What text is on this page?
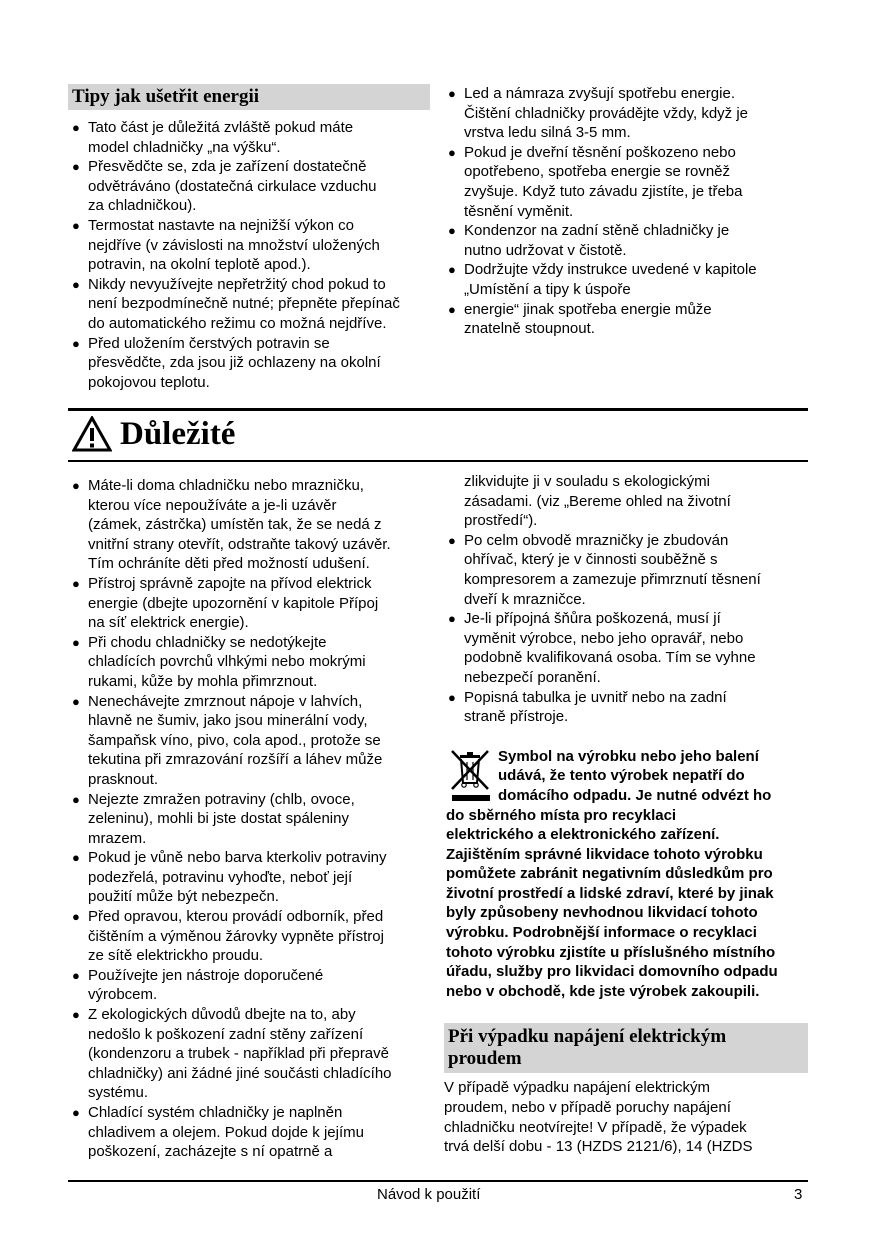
Tipy jak ušetřit energii
● Tato část je důležitá zvláště pokud máte
model chladničky „na výšku“.
● Přesvědčte se, zda je zařízení dostatečně
odvětráváno (dostatečná cirkulace vzduchu
za chladničkou).
● Termostat nastavte na nejnižší výkon co
nejdříve (v závislosti na množství uložených
potravin, na okolní teplotě apod.).
● Nikdy nevyužívejte nepřetržitý chod pokud to
není bezpodmínečně nutné; přepněte přepínač
do automatického režimu co možná nejdříve.
● Před uložením čerstvých potravin se
přesvědčte, zda jsou již ochlazeny na okolní
pokojovou teplotu.
● Led a námraza zvyšují spotřebu energie.
Čištění chladničky provádějte vždy, když je
vrstva ledu silná 3-5 mm.
● Pokud je dveřní těsnění poškozeno nebo
opotřebeno, spotřeba energie se rovněž
zvyšuje. Když tuto závadu zjistíte, je třeba
těsnění vyměnit.
● Kondenzor na zadní stěně chladničky je
nutno udržovat v čistotě.
● Dodržujte vždy instrukce uvedené v kapitole
„Umístění a tipy k úspoře
● energie“ jinak spotřeba energie může
znatelně stoupnout.
Důležité
● Máte-li doma chladničku nebo mrazničku,
kterou více nepoužíváte a je-li uzávěr
(zámek, zástrčka) umístěn tak, že se nedá z
vnitřní strany otevřít, odstraňte takový uzávěr.
Tím ochráníte děti před možností udušení.
● Přístroj správně zapojte na přívod elektrick
energie (dbejte upozornění v kapitole Přípoj
na síť elektrick energie).
● Při chodu chladničky se nedotýkejte
chladících povrchů vlhkými nebo mokrými
rukami, kůže by mohla přimrznout.
● Nenechávejte zmrznout nápoje v lahvích,
hlavně ne šumiv, jako jsou minerální vody,
šampaňsk víno, pivo, cola apod., protože se
tekutina při zmrazování rozšíří a láhev může
prasknout.
● Nejezte zmražen potraviny (chlb, ovoce,
zeleninu), mohli bi jste dostat spáleniny
mrazem.
● Pokud je vůně nebo barva kterkoliv potraviny
podezřelá, potravinu vyhoďte, neboť její
použití může být nebezpečn.
● Před opravou, kterou provádí odborník, před
čištěním a výměnou žárovky vypněte přístroj
ze sítě elektrickho proudu.
● Používejte jen nástroje doporučené
výrobcem.
● Z ekologických důvodů dbejte na to, aby
nedošlo k poškození zadní stěny zařízení
(kondenzoru a trubek - například při přepravě
chladničky) ani žádné jiné součásti chladícího
systému.
● Chladící systém chladničky je naplněn
chladivem a olejem. Pokud dojde k jejímu
poškození, zacházejte s ní opatrně a
zlikvidujte ji v souladu s ekologickými
zásadami. (viz „Bereme ohled na životní
prostředí“).
● Po celm obvodě mrazničky je zbudován
ohřívač, který je v činnosti souběžně s
kompresorem a zamezuje přimrznutí těsnení
dveří k mrazničce.
● Je-li přípojná šňůra poškozená, musí jí
vyměnit výrobce, nebo jeho opravář, nebo
podobně kvalifikovaná osoba. Tím se vyhne
nebezpečí poranění.
● Popisná tabulka je uvnitř nebo na zadní
straně přístroje.
Symbol na výrobku nebo jeho balení
udává, že tento výrobek nepatří do
domácího odpadu. Je nutné odvézt ho
do sběrného místa pro recyklaci
elektrického a elektronického zařízení.
Zajištěním správné likvidace tohoto výrobku
pomůžete zabránit negativním důsledkům pro
životní prostředí a lidské zdraví, které by jinak
byly způsobeny nevhodnou likvidací tohoto
výrobku. Podrobnější informace o recyklaci
tohoto výrobku zjistíte u příslušného místního
úřadu, služby pro likvidaci domovního odpadu
nebo v obchodě, kde jste výrobek zakoupili.
Při výpadku napájení elektrickým
proudem
V případě výpadku napájení elektrickým
proudem, nebo v případě poruchy napájení
chladničku neotvírejte! V případě, že výpadek
trvá delší dobu - 13 (HZDS 2121/6), 14 (HZDS
Návod k použití	3
